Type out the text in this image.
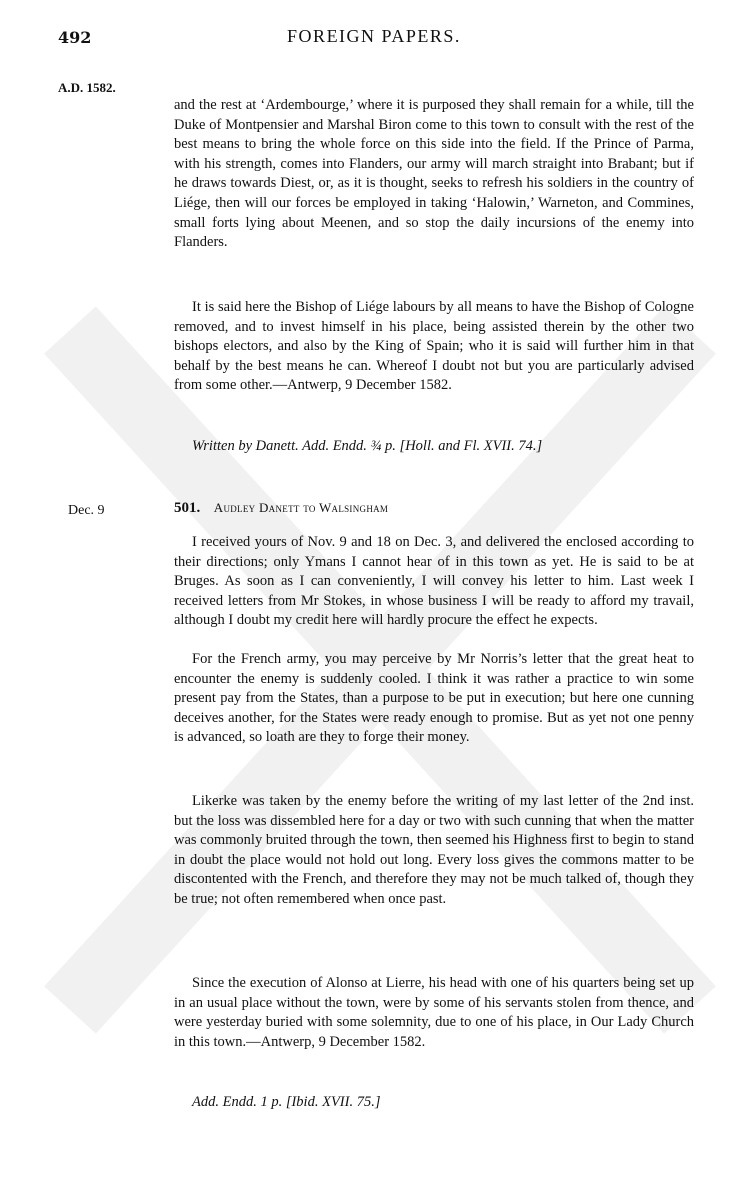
492	FOREIGN PAPERS.
A.D. 1582.

and the rest at ‘Ardembourge,’ where it is purposed they shall remain for a while, till the Duke of Montpensier and Marshal Biron come to this town to consult with the rest of the best means to bring the whole force on this side into the field. If the Prince of Parma, with his strength, comes into Flanders, our army will march straight into Brabant; but if he draws towards Diest, or, as it is thought, seeks to refresh his soldiers in the country of Liége, then will our forces be employed in taking ‘Halowin,’ Warneton, and Commines, small forts lying about Meenen, and so stop the daily incursions of the enemy into Flanders.

It is said here the Bishop of Liége labours by all means to have the Bishop of Cologne removed, and to invest himself in his place, being assisted therein by the other two bishops electors, and also by the King of Spain; who it is said will further him in that behalf by the best means he can. Whereof I doubt not but you are particularly advised from some other.—Antwerp, 9 December 1582.

Written by Danett. Add. Endd. ¾ p. [Holl. and Fl. XVII. 74.]

Dec. 9	501. Audley Danett to Walsingham

I received yours of Nov. 9 and 18 on Dec. 3, and delivered the enclosed according to their directions; only Ymans I cannot hear of in this town as yet. He is said to be at Bruges. As soon as I can conveniently, I will convey his letter to him. Last week I received letters from Mr Stokes, in whose business I will be ready to afford my travail, although I doubt my credit here will hardly procure the effect he expects.

For the French army, you may perceive by Mr Norris’s letter that the great heat to encounter the enemy is suddenly cooled. I think it was rather a practice to win some present pay from the States, than a purpose to be put in execution; but here one cunning deceives another, for the States were ready enough to promise. But as yet not one penny is advanced, so loath are they to forge their money.

Likerke was taken by the enemy before the writing of my last letter of the 2nd inst. but the loss was dissembled here for a day or two with such cunning that when the matter was commonly bruited through the town, then seemed his Highness first to begin to stand in doubt the place would not hold out long. Every loss gives the commons matter to be discontented with the French, and therefore they may not be much talked of, though they be true; not often remembered when once past.

Since the execution of Alonso at Lierre, his head with one of his quarters being set up in an usual place without the town, were by some of his servants stolen from thence, and were yesterday buried with some solemnity, due to one of his place, in Our Lady Church in this town.—Antwerp, 9 December 1582.

Add. Endd. 1 p. [Ibid. XVII. 75.]
